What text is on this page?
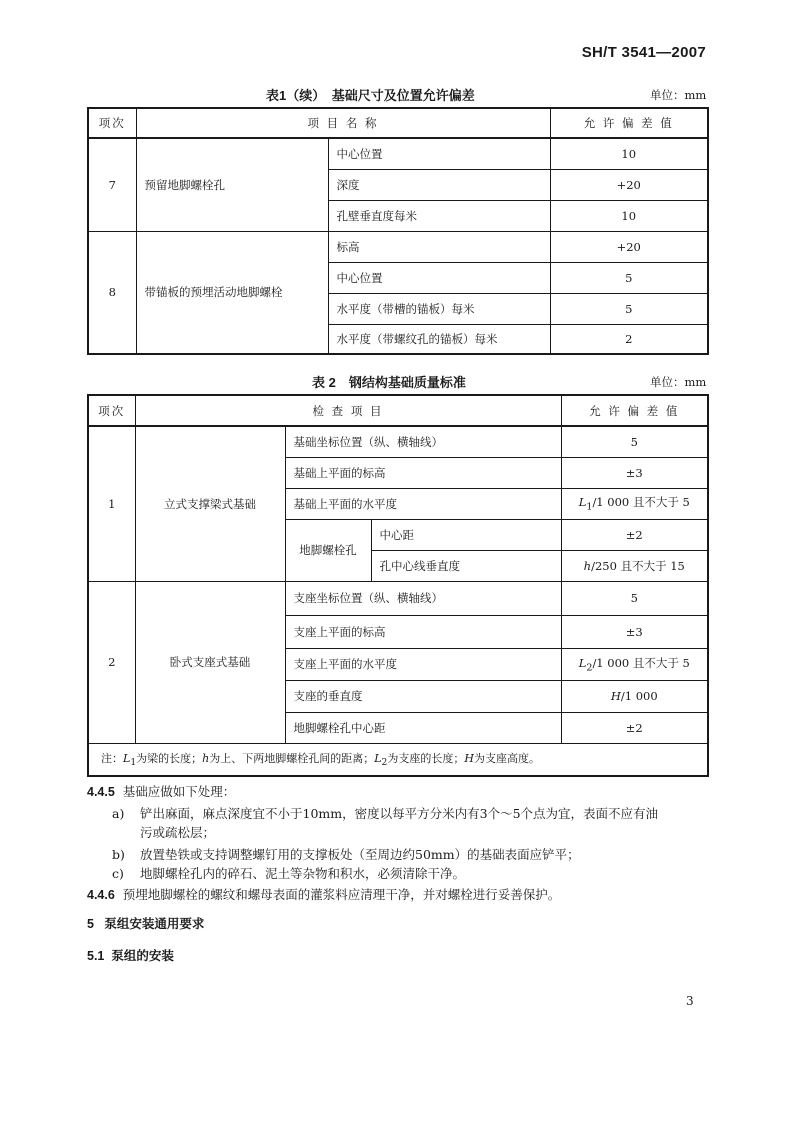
SH/T 3541—2007
表1（续）　基础尺寸及位置允许偏差	单位：mm
项次	项 目 名 称		允 许 偏 差 值
7	预留地脚螺栓孔	中心位置	10
		深度	+20
		孔壁垂直度每米	10
8	带锚板的预埋活动地脚螺栓	标高	+20
		中心位置	5
		水平度（带槽的锚板）每米	5
		水平度（带螺纹孔的锚板）每米	2
表 2　钢结构基础质量标准	单位：mm
项次	检 查 项 目			允 许 偏 差 值
1	立式支撑梁式基础	基础坐标位置（纵、横轴线）		5
		基础上平面的标高		±3
		基础上平面的水平度		$L_1/1$ 000 且不大于 5
		地脚螺栓孔	中心距	±2
			孔中心线垂直度	h/250 且不大于 15
2	卧式支座式基础	支座坐标位置（纵、横轴线）		5
		支座上平面的标高		±3
		支座上平面的水平度		$L_2/1$ 000 且不大于 5
		支座的垂直度		H/1 000
		地脚螺栓孔中心距		±2
注：$L_1$为梁的长度；h为上、下两地脚螺栓孔间的距离；$L_2$为支座的长度；H为支座高度。				
4.4.5 基础应做如下处理：
a) 铲出麻面，麻点深度宜不小于10mm，密度以每平方分米内有3个～5个点为宜，表面不应有油
污或疏松层；
b) 放置垫铁或支持调整螺钉用的支撑板处（至周边约50mm）的基础表面应铲平；
c) 地脚螺栓孔内的碎石、泥土等杂物和积水，必须清除干净。
4.4.6 预埋地脚螺栓的螺纹和螺母表面的灌浆料应清理干净，并对螺栓进行妥善保护。
5 泵组安装通用要求
5.1 泵组的安装
3
